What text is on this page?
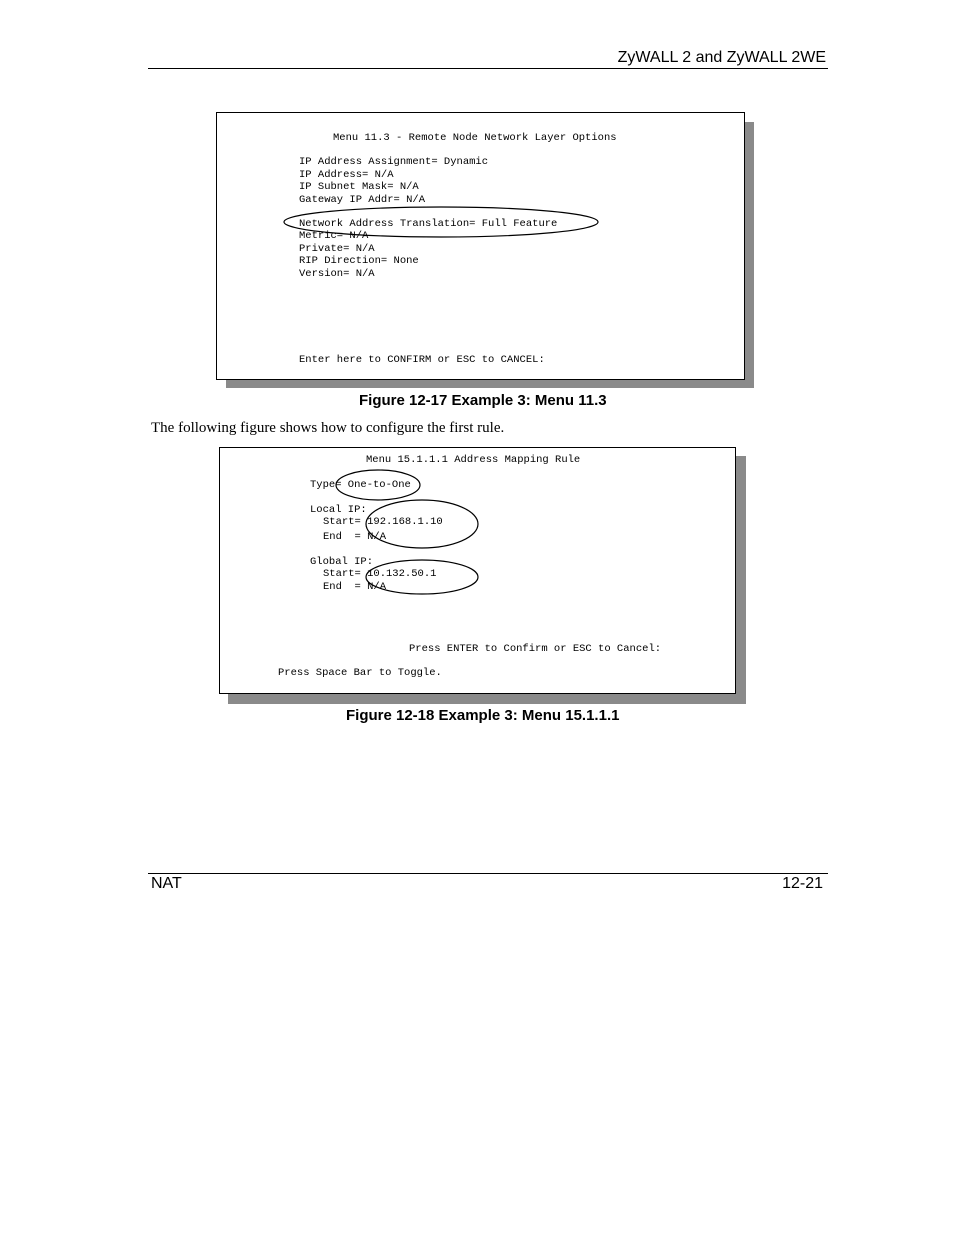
ZyWALL 2 and ZyWALL 2WE
Menu 11.3 - Remote Node Network Layer Options
IP Address Assignment= Dynamic
IP Address= N/A
IP Subnet Mask= N/A
Gateway IP Addr= N/A
Network Address Translation= Full Feature
Metric= N/A
Private= N/A
RIP Direction= None
Version= N/A
Enter here to CONFIRM or ESC to CANCEL:
Figure 12-17 Example 3: Menu 11.3
The following figure shows how to configure the first rule.
Menu 15.1.1.1 Address Mapping Rule
Type= One-to-One
Local IP:
Start= 192.168.1.10
End  = N/A
Global IP:
Start= 10.132.50.1
End  = N/A
Press ENTER to Confirm or ESC to Cancel:
Press Space Bar to Toggle.
Figure 12-18 Example 3: Menu 15.1.1.1
NAT	12-21
